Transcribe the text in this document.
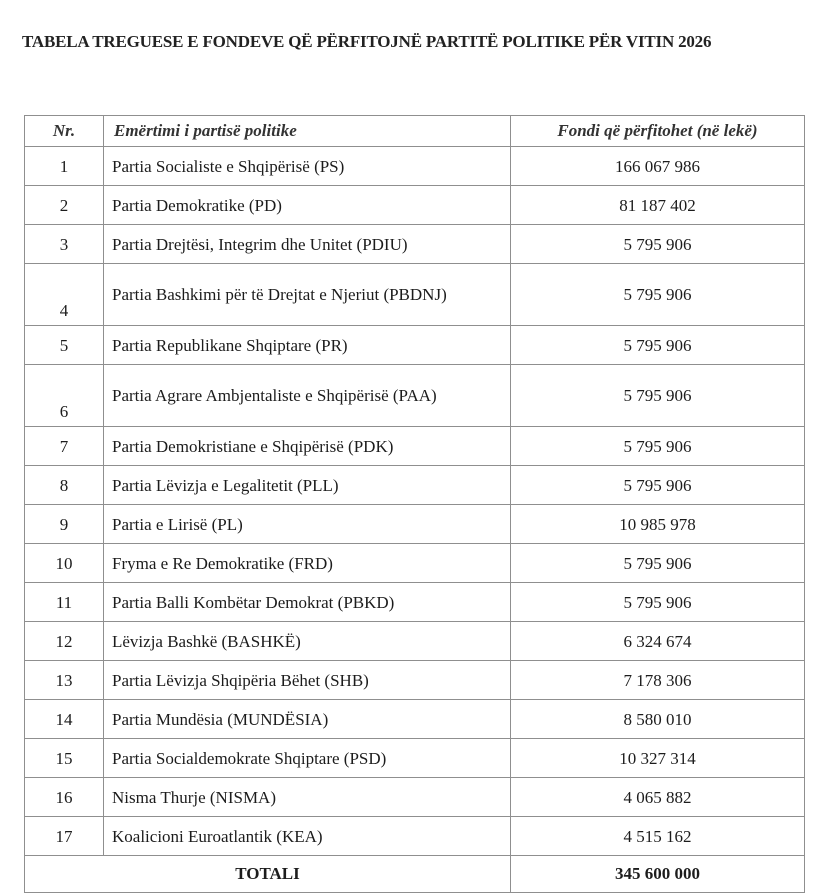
TABELA TREGUESE E FONDEVE QË PËRFITOJNË PARTITË POLITIKE PËR VITIN 2026
Nr.	Emërtimi i partisë politike	Fondi që përfitohet (në lekë)
1	Partia Socialiste e Shqipërisë (PS)	166 067 986
2	Partia Demokratike (PD)	81 187 402
3	Partia Drejtësi, Integrim dhe Unitet (PDIU)	5 795 906
4	Partia Bashkimi për të Drejtat e Njeriut (PBDNJ)	5 795 906
5	Partia Republikane Shqiptare (PR)	5 795 906
6	Partia Agrare Ambjentaliste e Shqipërisë (PAA)	5 795 906
7	Partia Demokristiane e Shqipërisë (PDK)	5 795 906
8	Partia Lëvizja e Legalitetit (PLL)	5 795 906
9	Partia e Lirisë (PL)	10 985 978
10	Fryma e Re Demokratike (FRD)	5 795 906
11	Partia Balli Kombëtar Demokrat (PBKD)	5 795 906
12	Lëvizja Bashkë (BASHKË)	6 324 674
13	Partia Lëvizja Shqipëria Bëhet (SHB)	7 178 306
14	Partia Mundësia (MUNDËSIA)	8 580 010
15	Partia Socialdemokrate Shqiptare (PSD)	10 327 314
16	Nisma Thurje (NISMA)	4 065 882
17	Koalicioni Euroatlantik (KEA)	4 515 162
TOTALI		345 600 000
